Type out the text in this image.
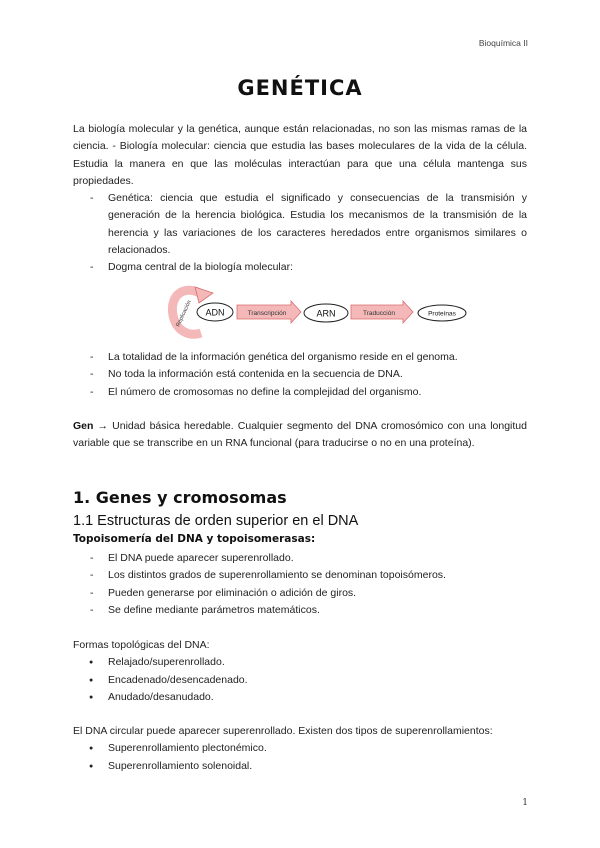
Bioquímica II
GENÉTICA
La biología molecular y la genética, aunque están relacionadas, no son las mismas ramas de la ciencia. - Biología molecular: ciencia que estudia las bases moleculares de la vida de la célula. Estudia la manera en que las moléculas interactúan para que una célula mantenga sus propiedades.
- Genética: ciencia que estudia el significado y consecuencias de la transmisión y generación de la herencia biológica. Estudia los mecanismos de la transmisión de la herencia y las variaciones de los caracteres heredados entre organismos similares o relacionados.
- Dogma central de la biología molecular:
Replicación ADN	Transcripción	ARN	Traducción	Proteínas
- La totalidad de la información genética del organismo reside en el genoma.
- No toda la información está contenida en la secuencia de DNA.
- El número de cromosomas no define la complejidad del organismo.
Gen → Unidad básica heredable. Cualquier segmento del DNA cromosómico con una longitud variable que se transcribe en un RNA funcional (para traducirse o no en una proteína).
1. Genes y cromosomas
1.1 Estructuras de orden superior en el DNA
Topoisomería del DNA y topoisomerasas:
- El DNA puede aparecer superenrollado.
- Los distintos grados de superenrollamiento se denominan topoisómeros.
- Pueden generarse por eliminación o adición de giros.
- Se define mediante parámetros matemáticos.
Formas topológicas del DNA:
● Relajado/superenrollado.
● Encadenado/desencadenado.
● Anudado/desanudado.
El DNA circular puede aparecer superenrollado. Existen dos tipos de superenrollamientos:
● Superenrollamiento plectonémico.
● Superenrollamiento solenoidal.
1
